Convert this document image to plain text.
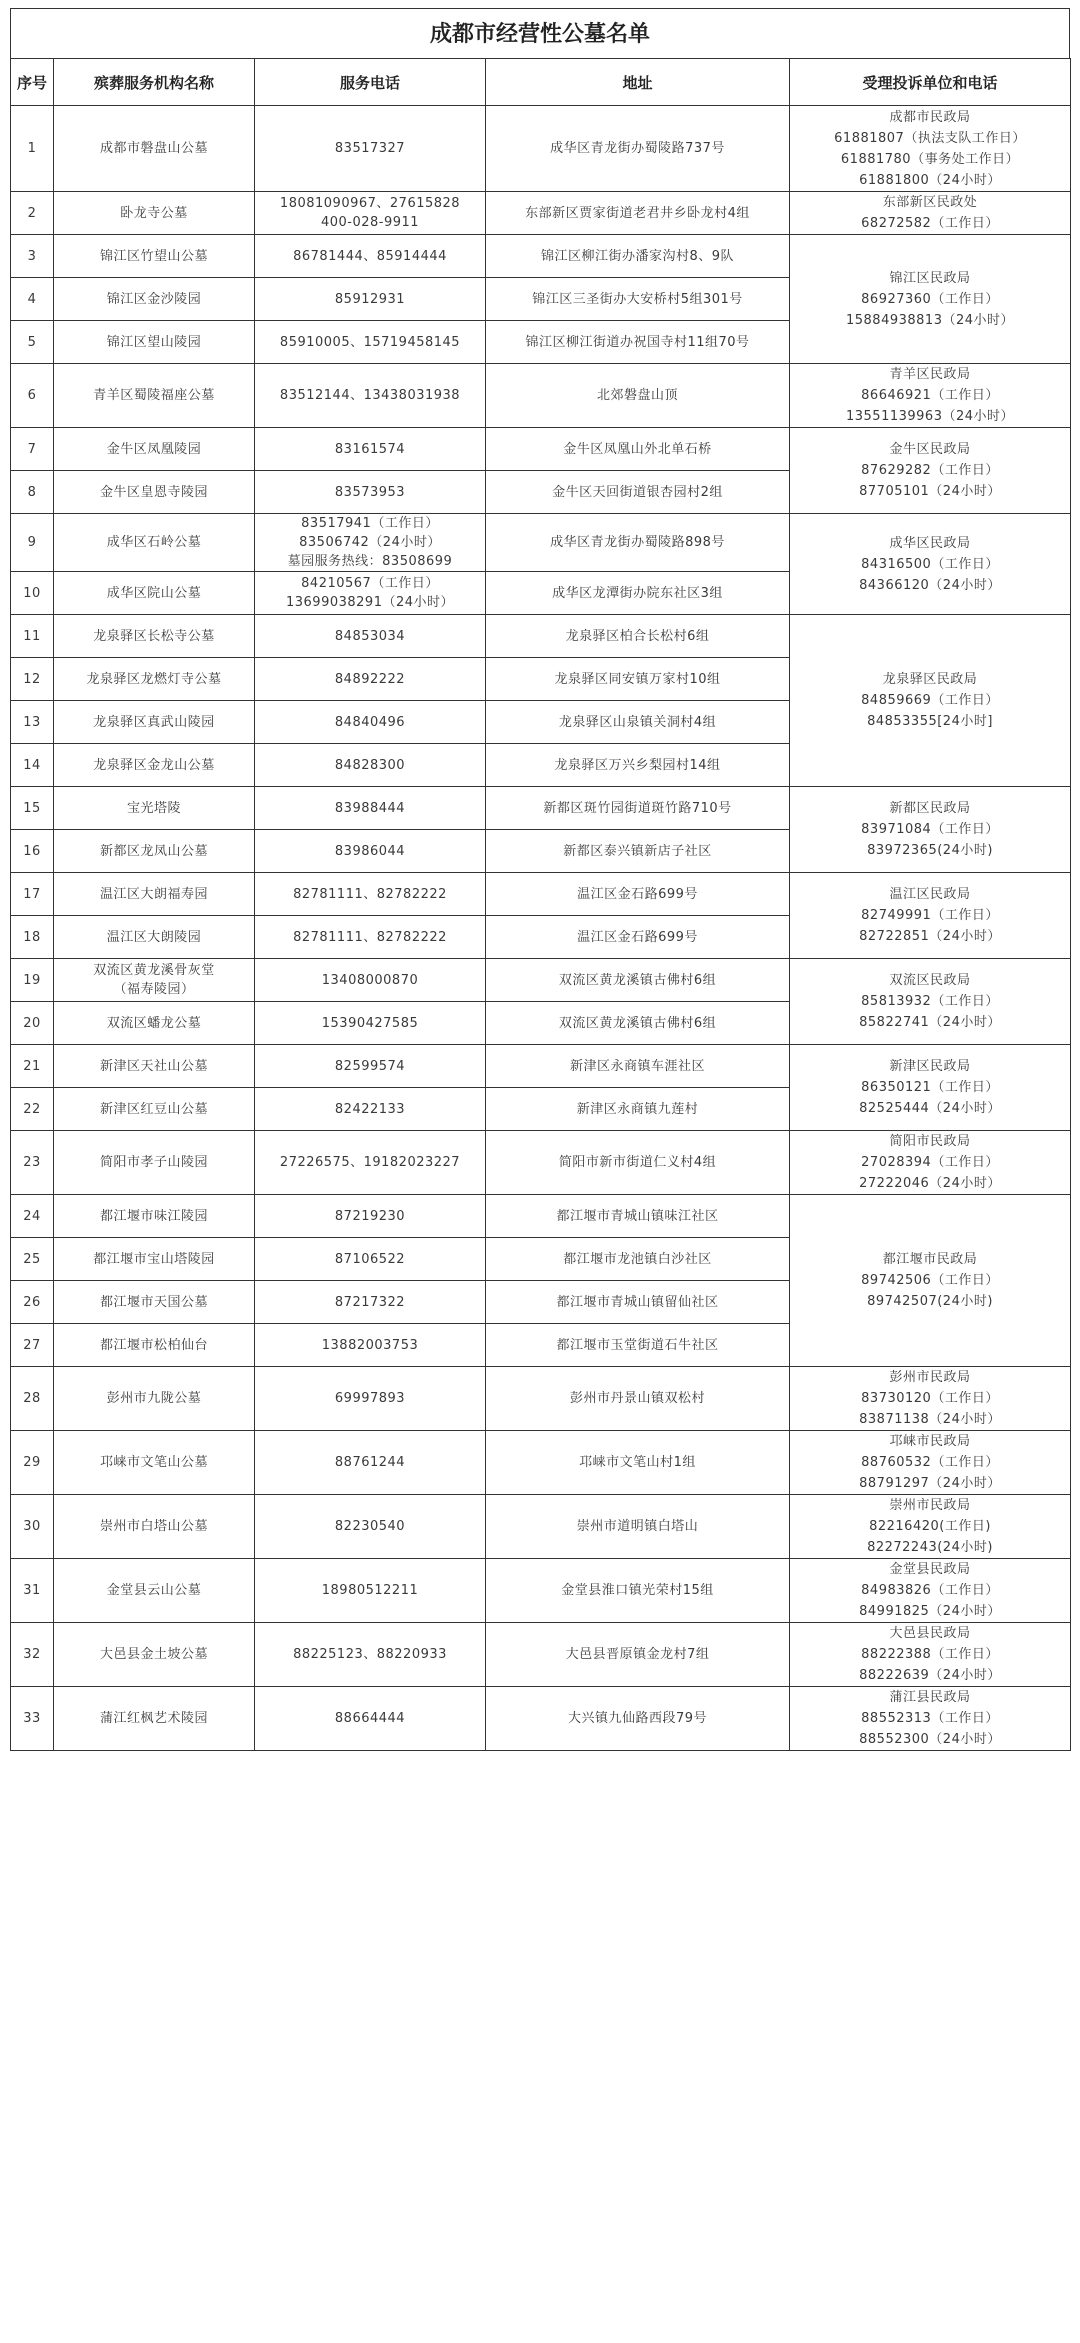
成都市经营性公墓名单
序号	殡葬服务机构名称	服务电话	地址	受理投诉单位和电话
1	成都市磐盘山公墓	83517327	成华区青龙街办蜀陵路737号	成都市民政局
61881807（执法支队工作日）
61881780（事务处工作日）
61881800（24小时）

2	卧龙寺公墓	18081090967、27615828
400-028-9911	东部新区贾家街道老君井乡卧龙村4组	东部新区民政处
68272582（工作日）

3	锦江区竹望山公墓	86781444、85914444	锦江区柳江街办潘家沟村8、9队	锦江区民政局
86927360（工作日）
15884938813（24小时）

4	锦江区金沙陵园	85912931	锦江区三圣街办大安桥村5组301号	

5	锦江区望山陵园	85910005、15719458145	锦江区柳江街道办祝国寺村11组70号	

6	青羊区蜀陵福座公墓	83512144、13438031938	北郊磐盘山顶	青羊区民政局
86646921（工作日）
13551139963（24小时）

7	金牛区凤凰陵园	83161574	金牛区凤凰山外北单石桥	金牛区民政局
87629282（工作日）
87705101（24小时）

8	金牛区皇恩寺陵园	83573953	金牛区天回街道银杏园村2组	

9	成华区石岭公墓	83517941（工作日）
83506742（24小时）
墓园服务热线：83508699	成华区青龙街办蜀陵路898号	成华区民政局
84316500（工作日）
84366120（24小时）

10	成华区院山公墓	84210567（工作日）
13699038291（24小时）	成华区龙潭街办院东社区3组	

11	龙泉驿区长松寺公墓	84853034	龙泉驿区柏合长松村6组	龙泉驿区民政局
84859669（工作日）
84853355[24小时]

12	龙泉驿区龙燃灯寺公墓	84892222	龙泉驿区同安镇万家村10组	

13	龙泉驿区真武山陵园	84840496	龙泉驿区山泉镇关洞村4组	

14	龙泉驿区金龙山公墓	84828300	龙泉驿区万兴乡梨园村14组	

15	宝光塔陵	83988444	新都区斑竹园街道斑竹路710号	新都区民政局
83971084（工作日）
83972365(24小时)

16	新都区龙凤山公墓	83986044	新都区泰兴镇新店子社区	

17	温江区大朗福寿园	82781111、82782222	温江区金石路699号	温江区民政局
82749991（工作日）
82722851（24小时）

18	温江区大朗陵园	82781111、82782222	温江区金石路699号	

19	双流区黄龙溪骨灰堂
（福寿陵园）	13408000870	双流区黄龙溪镇古佛村6组	双流区民政局
85813932（工作日）
85822741（24小时）

20	双流区蟠龙公墓	15390427585	双流区黄龙溪镇古佛村6组	

21	新津区天社山公墓	82599574	新津区永商镇车涯社区	新津区民政局
86350121（工作日）
82525444（24小时）

22	新津区红豆山公墓	82422133	新津区永商镇九莲村	

23	简阳市孝子山陵园	27226575、19182023227	简阳市新市街道仁义村4组	简阳市民政局
27028394（工作日）
27222046（24小时）

24	都江堰市味江陵园	87219230	都江堰市青城山镇味江社区	都江堰市民政局
89742506（工作日）
89742507(24小时)

25	都江堰市宝山塔陵园	87106522	都江堰市龙池镇白沙社区	

26	都江堰市天国公墓	87217322	都江堰市青城山镇留仙社区	

27	都江堰市松柏仙台	13882003753	都江堰市玉堂街道石牛社区	

28	彭州市九陇公墓	69997893	彭州市丹景山镇双松村	彭州市民政局
83730120（工作日）
83871138（24小时）

29	邛崃市文笔山公墓	88761244	邛崃市文笔山村1组	邛崃市民政局
88760532（工作日）
88791297（24小时）

30	崇州市白塔山公墓	82230540	崇州市道明镇白塔山	崇州市民政局
82216420(工作日)
82272243(24小时)

31	金堂县云山公墓	18980512211	金堂县淮口镇光荣村15组	金堂县民政局
84983826（工作日）
84991825（24小时）

32	大邑县金土坡公墓	88225123、88220933	大邑县晋原镇金龙村7组	大邑县民政局
88222388（工作日）
88222639（24小时）

33	蒲江红枫艺术陵园	88664444	大兴镇九仙路西段79号	蒲江县民政局
88552313（工作日）
88552300（24小时）
